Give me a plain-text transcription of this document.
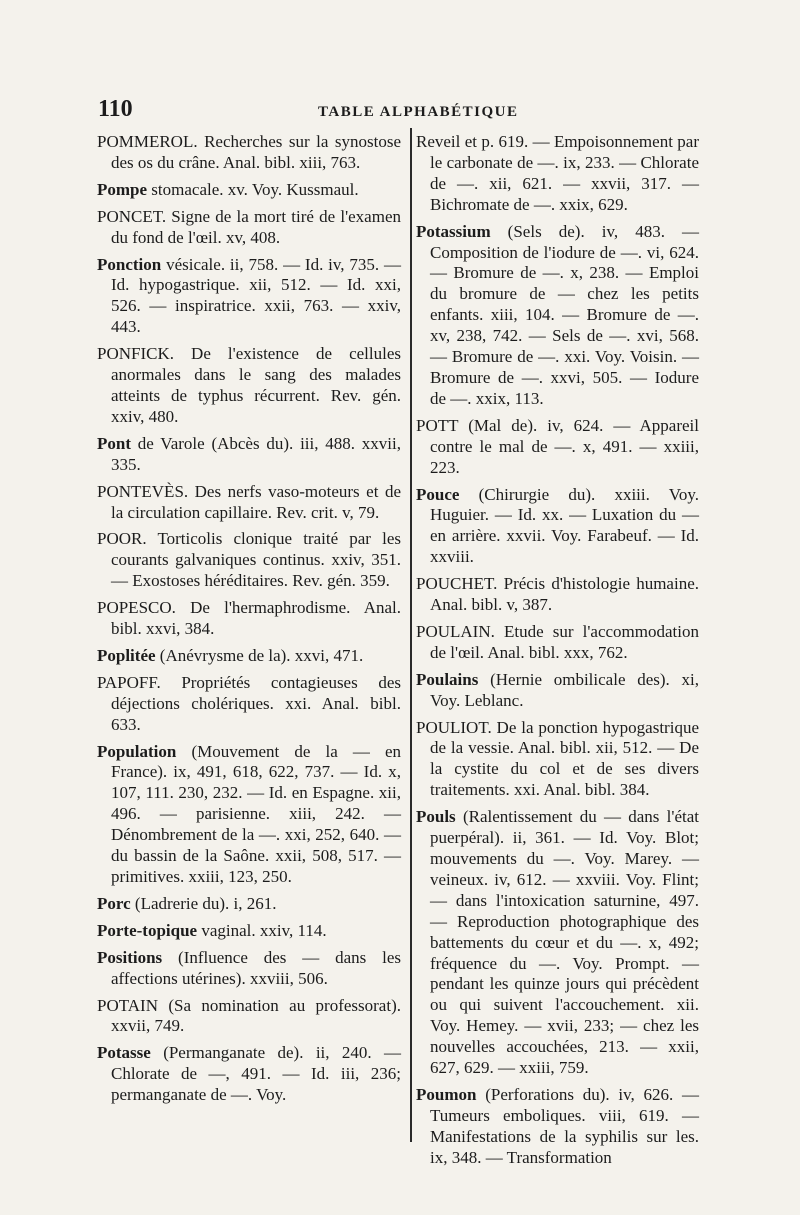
110	TABLE ALPHABÉTIQUE

POMMEROL. Recherches sur la synostose des os du crâne. Anal. bibl. xiii, 763.

Pompe stomacale. xv. Voy. Kussmaul.

PONCET. Signe de la mort tiré de l'examen du fond de l'œil. xv, 408.

Ponction vésicale. ii, 758. — Id. iv, 735. — Id. hypogastrique. xii, 512. — Id. xxi, 526. — inspiratrice. xxii, 763. — xxiv, 443.

PONFICK. De l'existence de cellules anormales dans le sang des malades atteints de typhus récurrent. Rev. gén. xxiv, 480.

Pont de Varole (Abcès du). iii, 488. xxvii, 335.

PONTEVÈS. Des nerfs vaso-moteurs et de la circulation capillaire. Rev. crit. v, 79.

POOR. Torticolis clonique traité par les courants galvaniques continus. xxiv, 351. — Exostoses héréditaires. Rev. gén. 359.

POPESCO. De l'hermaphrodisme. Anal. bibl. xxvi, 384.

Poplitée (Anévrysme de la). xxvi, 471.

PAPOFF. Propriétés contagieuses des déjections cholériques. xxi. Anal. bibl. 633.

Population (Mouvement de la — en France). ix, 491, 618, 622, 737. — Id. x, 107, 111. 230, 232. — Id. en Espagne. xii, 496. — parisienne. xiii, 242. — Dénombrement de la —. xxi, 252, 640. — du bassin de la Saône. xxii, 508, 517. — primitives. xxiii, 123, 250.

Porc (Ladrerie du). i, 261.

Porte-topique vaginal. xxiv, 114.

Positions (Influence des — dans les affections utérines). xxviii, 506.

POTAIN (Sa nomination au professorat). xxvii, 749.

Potasse (Permanganate de). ii, 240. — Chlorate de —, 491. — Id. iii, 236; permanganate de —. Voy.

Reveil et p. 619. — Empoisonnement par le carbonate de —. ix, 233. — Chlorate de —. xii, 621. — xxvii, 317. — Bichromate de —. xxix, 629.

Potassium (Sels de). iv, 483. — Composition de l'iodure de —. vi, 624. — Bromure de —. x, 238. — Emploi du bromure de — chez les petits enfants. xiii, 104. — Bromure de —. xv, 238, 742. — Sels de —. xvi, 568. — Bromure de —. xxi. Voy. Voisin. — Bromure de —. xxvi, 505. — Iodure de —. xxix, 113.

POTT (Mal de). iv, 624. — Appareil contre le mal de —. x, 491. — xxiii, 223.

Pouce (Chirurgie du). xxiii. Voy. Huguier. — Id. xx. — Luxation du — en arrière. xxvii. Voy. Farabeuf. — Id. xxviii.

POUCHET. Précis d'histologie humaine. Anal. bibl. v, 387.

POULAIN. Etude sur l'accommodation de l'œil. Anal. bibl. xxx, 762.

Poulains (Hernie ombilicale des). xi, Voy. Leblanc.

POULIOT. De la ponction hypogastrique de la vessie. Anal. bibl. xii, 512. — De la cystite du col et de ses divers traitements. xxi. Anal. bibl. 384.

Pouls (Ralentissement du — dans l'état puerpéral). ii, 361. — Id. Voy. Blot; mouvements du —. Voy. Marey. — veineux. iv, 612. — xxviii. Voy. Flint; — dans l'intoxication saturnine, 497. — Reproduction photographique des battements du cœur et du —. x, 492; fréquence du —. Voy. Prompt. — pendant les quinze jours qui précèdent ou qui suivent l'accouchement. xii. Voy. Hemey. — xvii, 233; — chez les nouvelles accouchées, 213. — xxii, 627, 629. — xxiii, 759.

Poumon (Perforations du). iv, 626. — Tumeurs emboliques. viii, 619. — Manifestations de la syphilis sur les. ix, 348. — Transformation
